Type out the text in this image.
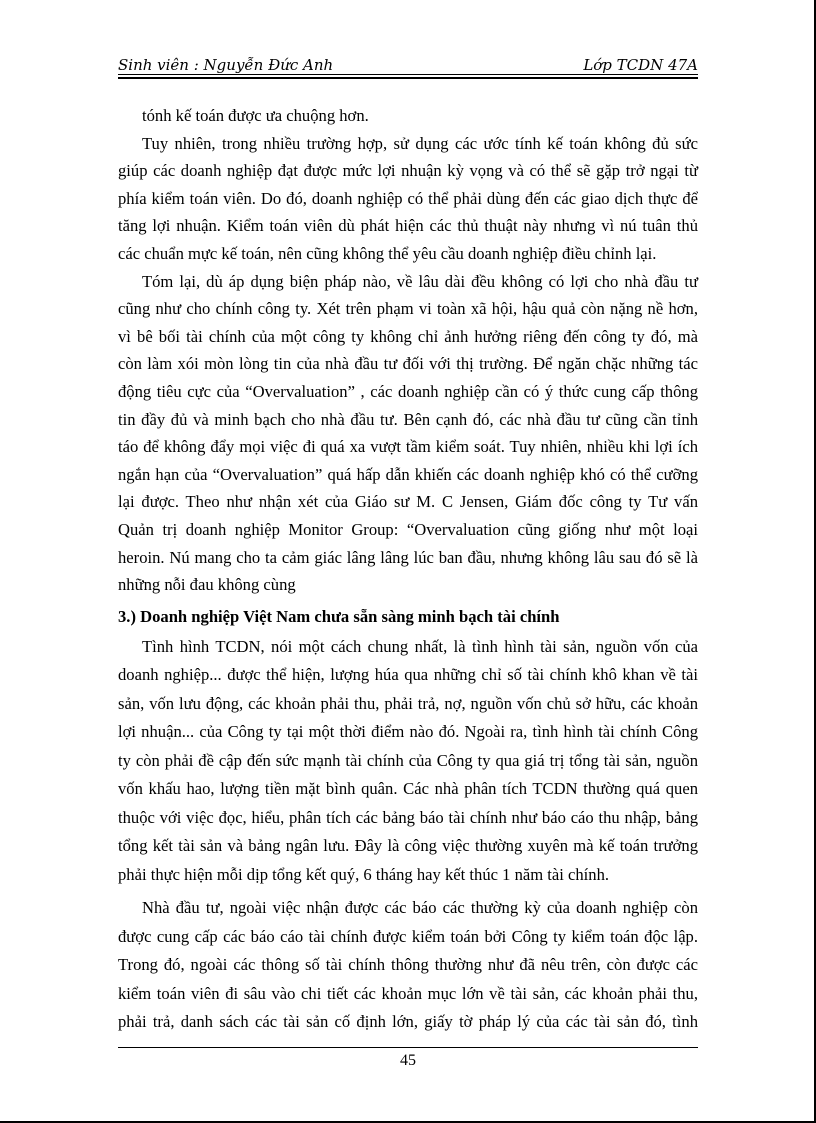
Sinh viên : Nguyễn Đức Anh	Lớp TCDN 47A

tónh kế toán được ưa chuộng hơn.

Tuy nhiên, trong nhiều trường hợp, sử dụng các ước tính kế toán không đủ sức

giúp các doanh nghiệp đạt được mức lợi nhuận kỳ vọng và có thể sẽ gặp trở ngại từ

phía kiểm toán viên. Do đó, doanh nghiệp có thể phải dùng đến các giao dịch thực để

tăng lợi nhuận. Kiểm toán viên dù phát hiện các thủ thuật này nhưng vì nú tuân thủ

các chuẩn mực kế toán, nên cũng không thể yêu cầu doanh nghiệp điều chỉnh lại.

Tóm lại, dù áp dụng biện pháp nào, về lâu dài đều không có lợi cho nhà đầu tư

cũng như cho chính công ty. Xét trên phạm vi toàn xã hội, hậu quả còn nặng nề hơn,

vì bê bối tài chính của một công ty không chỉ ảnh hưởng riêng đến công ty đó, mà

còn làm xói mòn lòng tin của nhà đầu tư đối với thị trường. Để ngăn chặc những tác

động tiêu cực của “Overvaluation” , các doanh nghiệp cần có ý thức cung cấp thông

tin đầy đủ và minh bạch cho nhà đầu tư. Bên cạnh đó, các nhà đầu tư cũng cần tỉnh

táo để không đẩy mọi việc đi quá xa vượt tầm kiểm soát. Tuy nhiên, nhiều khi lợi ích

ngắn hạn của “Overvaluation” quá hấp dẫn khiến các doanh nghiệp khó có thể cưỡng

lại được. Theo như nhận xét của Giáo sư M. C Jensen, Giám đốc công ty Tư vấn

Quản trị doanh nghiệp Monitor Group: “Overvaluation cũng giống như một loại

heroin. Nú mang cho ta cảm giác lâng lâng lúc ban đầu, nhưng không lâu sau đó sẽ là

những nỗi đau không cùng

3.) Doanh nghiệp Việt Nam chưa sẵn sàng minh bạch tài chính

Tình hình TCDN, nói một cách chung nhất, là tình hình tài sản, nguồn vốn của

doanh nghiệp... được thể hiện, lượng húa qua những chỉ số tài chính khô khan về tài

sản, vốn lưu động, các khoản phải thu, phải trả, nợ, nguồn vốn chủ sở hữu, các khoản

lợi nhuận... của Công ty tại một thời điểm nào đó. Ngoài ra, tình hình tài chính Công

ty còn phải đề cập đến sức mạnh tài chính của Công ty qua giá trị tổng tài sản, nguồn

vốn khấu hao, lượng tiền mặt bình quân. Các nhà phân tích TCDN thường quá quen

thuộc với việc đọc, hiểu, phân tích các bảng báo tài chính như báo cáo thu nhập, bảng

tổng kết tài sản và bảng ngân lưu. Đây là công việc thường xuyên mà kế toán trưởng

phải thực hiện mỗi dịp tổng kết quý, 6 tháng hay kết thúc 1 năm tài chính.

Nhà đầu tư, ngoài việc nhận được các báo các thường kỳ của doanh nghiệp còn

được cung cấp các báo cáo tài chính được kiểm toán bởi Công ty kiểm toán độc lập.

Trong đó, ngoài các thông số tài chính thông thường như đã nêu trên, còn được các

kiểm toán viên đi sâu vào chi tiết các khoản mục lớn về tài sản, các khoản phải thu,

phải trả, danh sách các tài sản cố định lớn, giấy tờ pháp lý của các tài sản đó, tình

45
